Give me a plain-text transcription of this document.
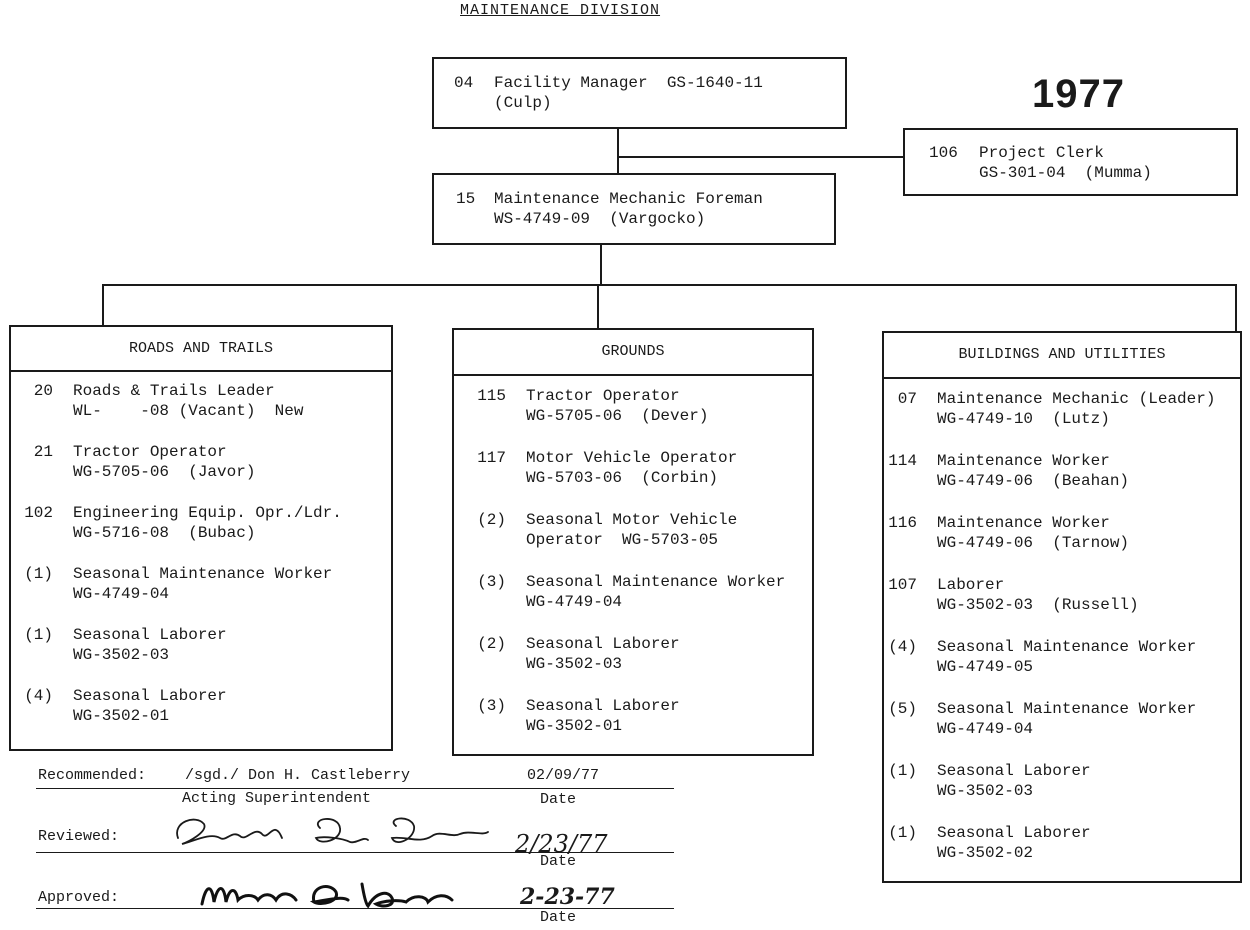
MAINTENANCE DIVISION
1977
04 Facility Manager  GS-1640-11
(Culp)
106 Project Clerk
GS-301-04  (Mumma)
15 Maintenance Mechanic Foreman
WS-4749-09  (Vargocko)
ROADS AND TRAILS
20 Roads & Trails Leader
WL-    -08 (Vacant)  New
21 Tractor Operator
WG-5705-06  (Javor)
102 Engineering Equip. Opr./Ldr.
WG-5716-08  (Bubac)
(1) Seasonal Maintenance Worker
WG-4749-04
(1) Seasonal Laborer
WG-3502-03
(4) Seasonal Laborer
WG-3502-01
GROUNDS
115 Tractor Operator
WG-5705-06  (Dever)
117 Motor Vehicle Operator
WG-5703-06  (Corbin)
(2) Seasonal Motor Vehicle
Operator  WG-5703-05
(3) Seasonal Maintenance Worker
WG-4749-04
(2) Seasonal Laborer
WG-3502-03
(3) Seasonal Laborer
WG-3502-01
BUILDINGS AND UTILITIES
07 Maintenance Mechanic (Leader)
WG-4749-10  (Lutz)
114 Maintenance Worker
WG-4749-06  (Beahan)
116 Maintenance Worker
WG-4749-06  (Tarnow)
107 Laborer
WG-3502-03  (Russell)
(4) Seasonal Maintenance Worker
WG-4749-05
(5) Seasonal Maintenance Worker
WG-4749-04
(1) Seasonal Laborer
WG-3502-03
(1) Seasonal Laborer
WG-3502-02
Recommended:	/sgd./ Don H. Castleberry	02/09/77
Acting Superintendent	Date
Reviewed:	2/23/77
Date
Approved:	2-23-77
Date
